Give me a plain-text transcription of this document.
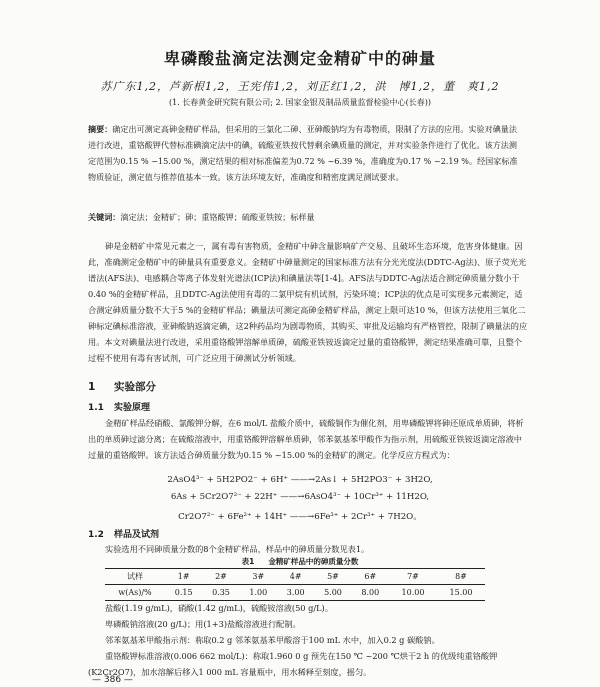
卑磷酸盐滴定法测定金精矿中的砷量
苏广东1,2，芦新根1,2，王宪伟1,2，刘正红1,2，洪　博1,2，董　爽1,2
(1. 长春黄金研究院有限公司; 2. 国家金银及制品质量监督检验中心(长春))
摘要：确定出可测定高砷金精矿样品，但采用的三氯化二砷、亚砷酸钠均为有毒物质，限制了方法的应用。实验对碘量法进行改进，重铬酸钾代替标准碘滴定法中的碘，硫酸亚铁按代替剩余碘质量的测定，并对实验条件进行了优化。该方法测定范围为0.15 % ~15.00 %，测定结果的相对标准偏差为0.72 % ~6.39 %，准确度为0.17 % ~2.19 %。经国家标准物质验证，测定值与推荐值基本一致。该方法环境友好，准确度和精密度满足测试要求。
关键词：滴定法；金精矿；砷；重铬酸钾；硫酸亚铁铵；标样量

砷是金精矿中常见元素之一，属有毒有害物质，金精矿中砷含量影响矿产交易、且破坏生态环境，危害身体健康。因此，准确测定金精矿中的砷量具有重要意义。金精矿中砷量测定的国家标准方法有分光光度法(DDTC-Ag法)、原子荧光光谱法(AFS法)、电感耦合等离子体发射光谱法(ICP法)和碘量法等[1-4]。AFS法与DDTC-Ag法适合测定砷质量分数小于0.40 %的金精矿样品，且DDTC-Ag法使用有毒的二氯甲烷有机试剂，污染环境；ICP法的优点是可实现多元素测定，适合测定砷质量分数不大于5 %的金精矿样品；碘量法可测定高砷金精矿样品，测定上限可达10 %，但该方法使用三氧化二砷标定碘标准溶液，亚砷酸钠返滴定碘，这2种药品均为剧毒物质，其购买、审批及运输均有严格管控，限制了碘量法的应用。本文对碘量法进行改进，采用重铬酸钾溶解单质砷，硫酸亚铁铵返滴定过量的重铬酸钾，测定结果准确可靠，且整个过程不使用有毒有害试剂，可广泛应用于砷测试分析领域。

1 实验部分
1.1 实验原理

金精矿样品经硝酸、氯酸钾分解，在6 mol/L 盐酸介质中，硫酸铜作为催化剂，用卑磷酸钾将砷还原成单质砷，将析出的单质砷过滤分离；在硫酸溶液中，用重铬酸钾溶解单质砷，邻苯氨基苯甲酸作为指示剂，用硫酸亚铁铵返滴定溶液中过量的重铬酸钾。该方法适合砷质量分数为0.15 % ~15.00 %的金精矿的测定。化学反应方程式为：

2AsO4³⁻ + 5H2PO2⁻ + 6H⁺ ——→2As↓ + 5H2PO3⁻ + 3H2O,
6As + 5Cr2O7²⁻ + 22H⁺ ——→6AsO4³⁻ + 10Cr³⁺ + 11H2O,
Cr2O7²⁻ + 6Fe²⁺ + 14H⁺ ——→6Fe³⁺ + 2Cr³⁺ + 7H2O。
1.2 样品及试剂

实验选用不同砷质量分数的8个金精矿样品，样品中的砷质量分数见表1。

表1 金精矿样品中的砷质量分数
试样	1#	2#	3#	4#	5#	6#	7#	8#
w(As)/%	0.15	0.35	1.00	3.00	5.00	8.00	10.00	15.00

盐酸(1.19 g/mL)，硝酸(1.42 g/mL)，硫酸铵溶液(50 g/L)。

卑磷酸钠溶液(20 g/L)；用(1+3)盐酸溶液进行配制。

邻苯氨基苯甲酸指示剂：称取0.2 g 邻苯氨基苯甲酸溶于100 mL 水中，加入0.2 g 碳酸钠。

重铬酸钾标准溶液(0.006 662 mol/L)：称取1.960 0 g 预先在150 ℃ ~200 ℃烘干2 h 的优级纯重铬酸钾(K2Cr2O7)，加水溶解后移入1 000 mL 容量瓶中，用水稀释至刻度，摇匀。

— 386 —
